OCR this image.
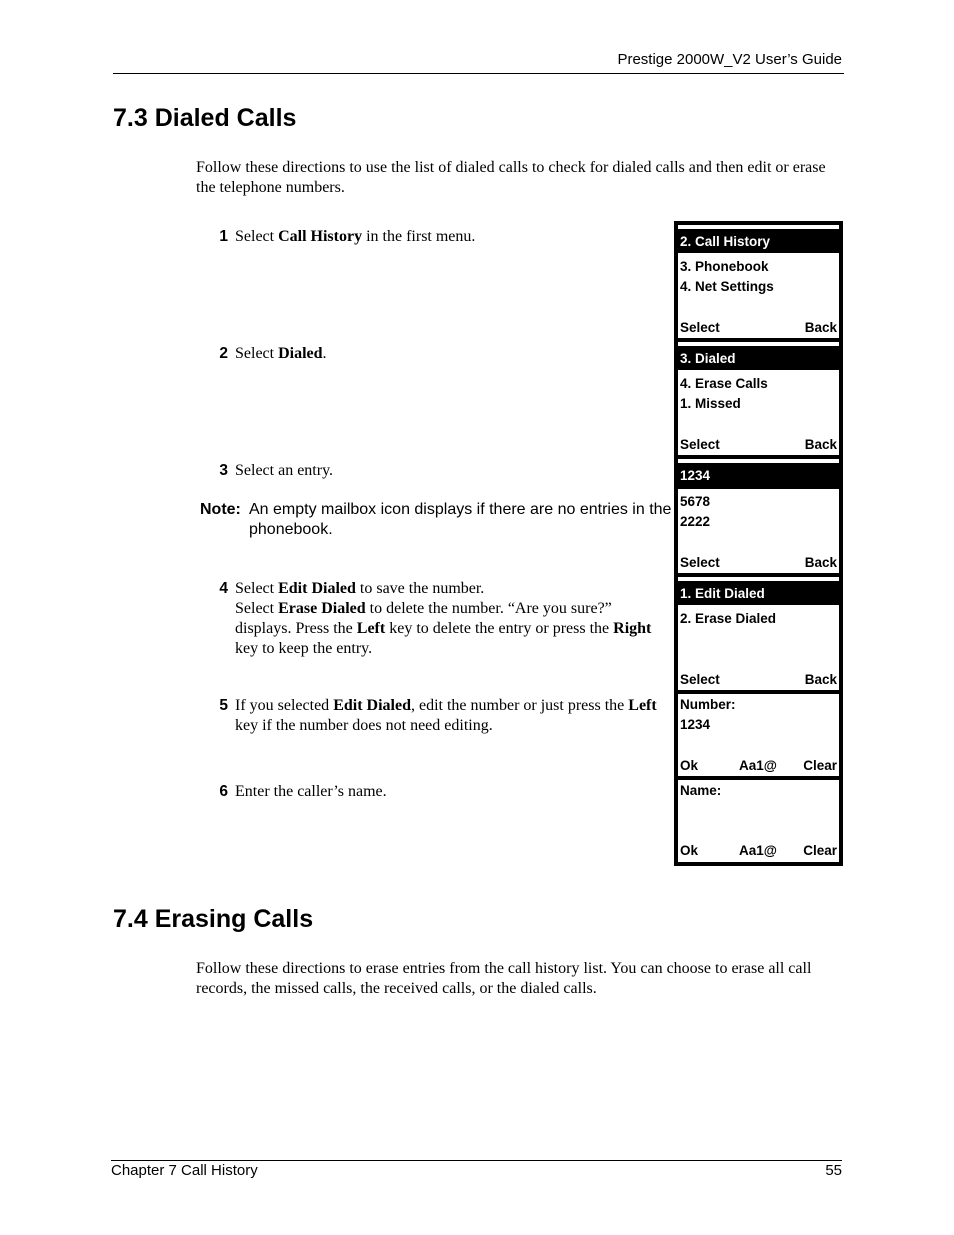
Prestige 2000W_V2 User’s Guide
7.3 Dialed Calls
Follow these directions to use the list of dialed calls to check for dialed calls and then edit or erase the telephone numbers.
1 Select Call History in the first menu.
2 Select Dialed.
3 Select an entry.
Note: An empty mailbox icon displays if there are no entries in the phonebook.
4 Select Edit Dialed to save the number.
Select Erase Dialed to delete the number. “Are you sure?” displays. Press the Left key to delete the entry or press the Right key to keep the entry.
5 If you selected Edit Dialed, edit the number or just press the Left key if the number does not need editing.
6 Enter the caller’s name.
2. Call History
3. Phonebook
4. Net Settings
Select	Back
3. Dialed
4. Erase Calls
1. Missed
Select	Back
1234
5678
2222
Select	Back
1. Edit Dialed
2. Erase Dialed
Select	Back
Number:
1234
Ok	Aa1@ Clear
Name:
Ok	Aa1@ Clear
7.4 Erasing Calls
Follow these directions to erase entries from the call history list. You can choose to erase all call records, the missed calls, the received calls, or the dialed calls.
Chapter 7 Call History	55
